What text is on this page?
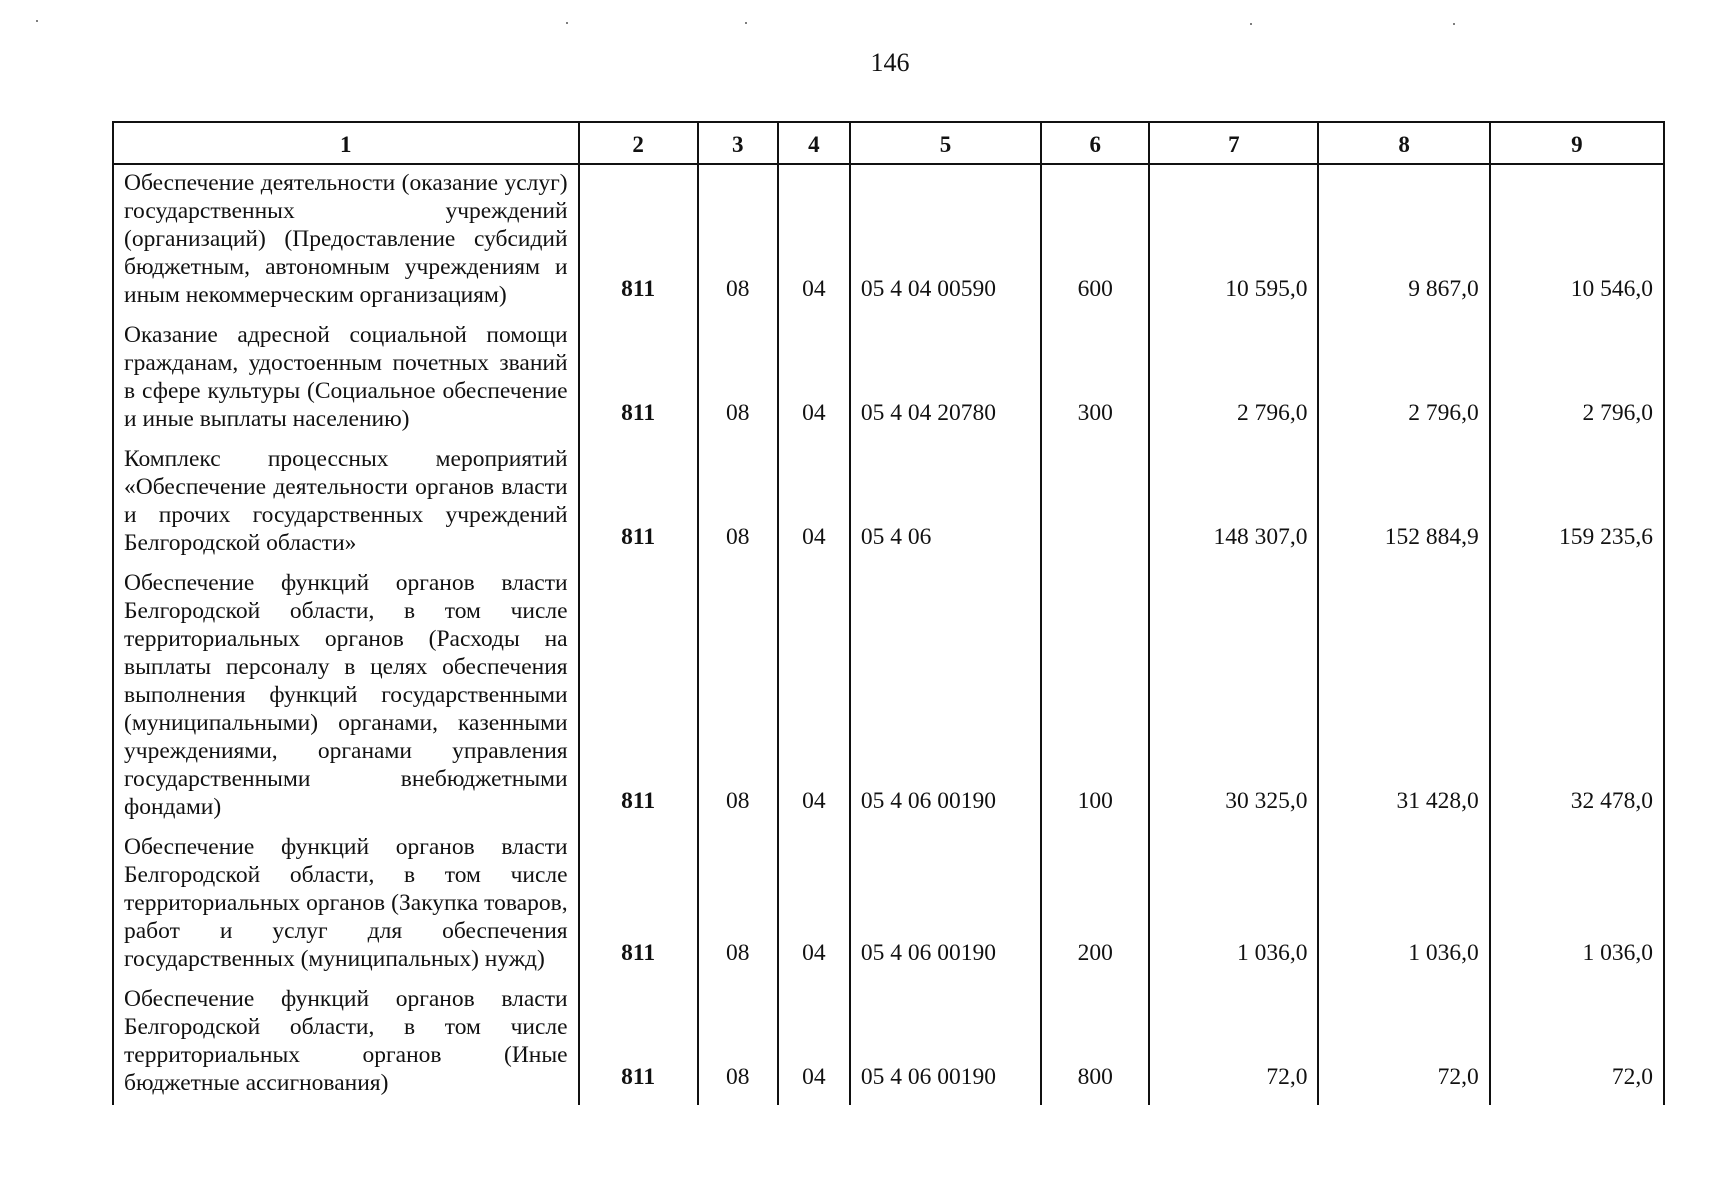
146
1	2	3	4	5	6	7	8	9
Обеспечение деятельности (оказание услуг) государственных учреждений (организаций) (Предоставление субсидий бюджетным, автономным учреждениям и иным некоммерческим организациям)	811	08	04	05 4 04 00590	600	10 595,0	9 867,0	10 546,0
Оказание адресной социальной помощи гражданам, удостоенным почетных званий в сфере культуры (Социальное обеспечение и иные выплаты населению)	811	08	04	05 4 04 20780	300	2 796,0	2 796,0	2 796,0
Комплекс процессных мероприятий «Обеспечение деятельности органов власти и прочих государственных учреждений Белгородской области»	811	08	04	05 4 06		148 307,0	152 884,9	159 235,6
Обеспечение функций органов власти Белгородской области, в том числе территориальных органов (Расходы на выплаты персоналу в целях обеспечения выполнения функций государственными (муниципальными) органами, казенными учреждениями, органами управления государственными внебюджетными фондами)	811	08	04	05 4 06 00190	100	30 325,0	31 428,0	32 478,0
Обеспечение функций органов власти Белгородской области, в том числе территориальных органов (Закупка товаров, работ и услуг для обеспечения государственных (муниципальных) нужд)	811	08	04	05 4 06 00190	200	1 036,0	1 036,0	1 036,0
Обеспечение функций органов власти Белгородской области, в том числе территориальных органов (Иные бюджетные ассигнования)	811	08	04	05 4 06 00190	800	72,0	72,0	72,0
